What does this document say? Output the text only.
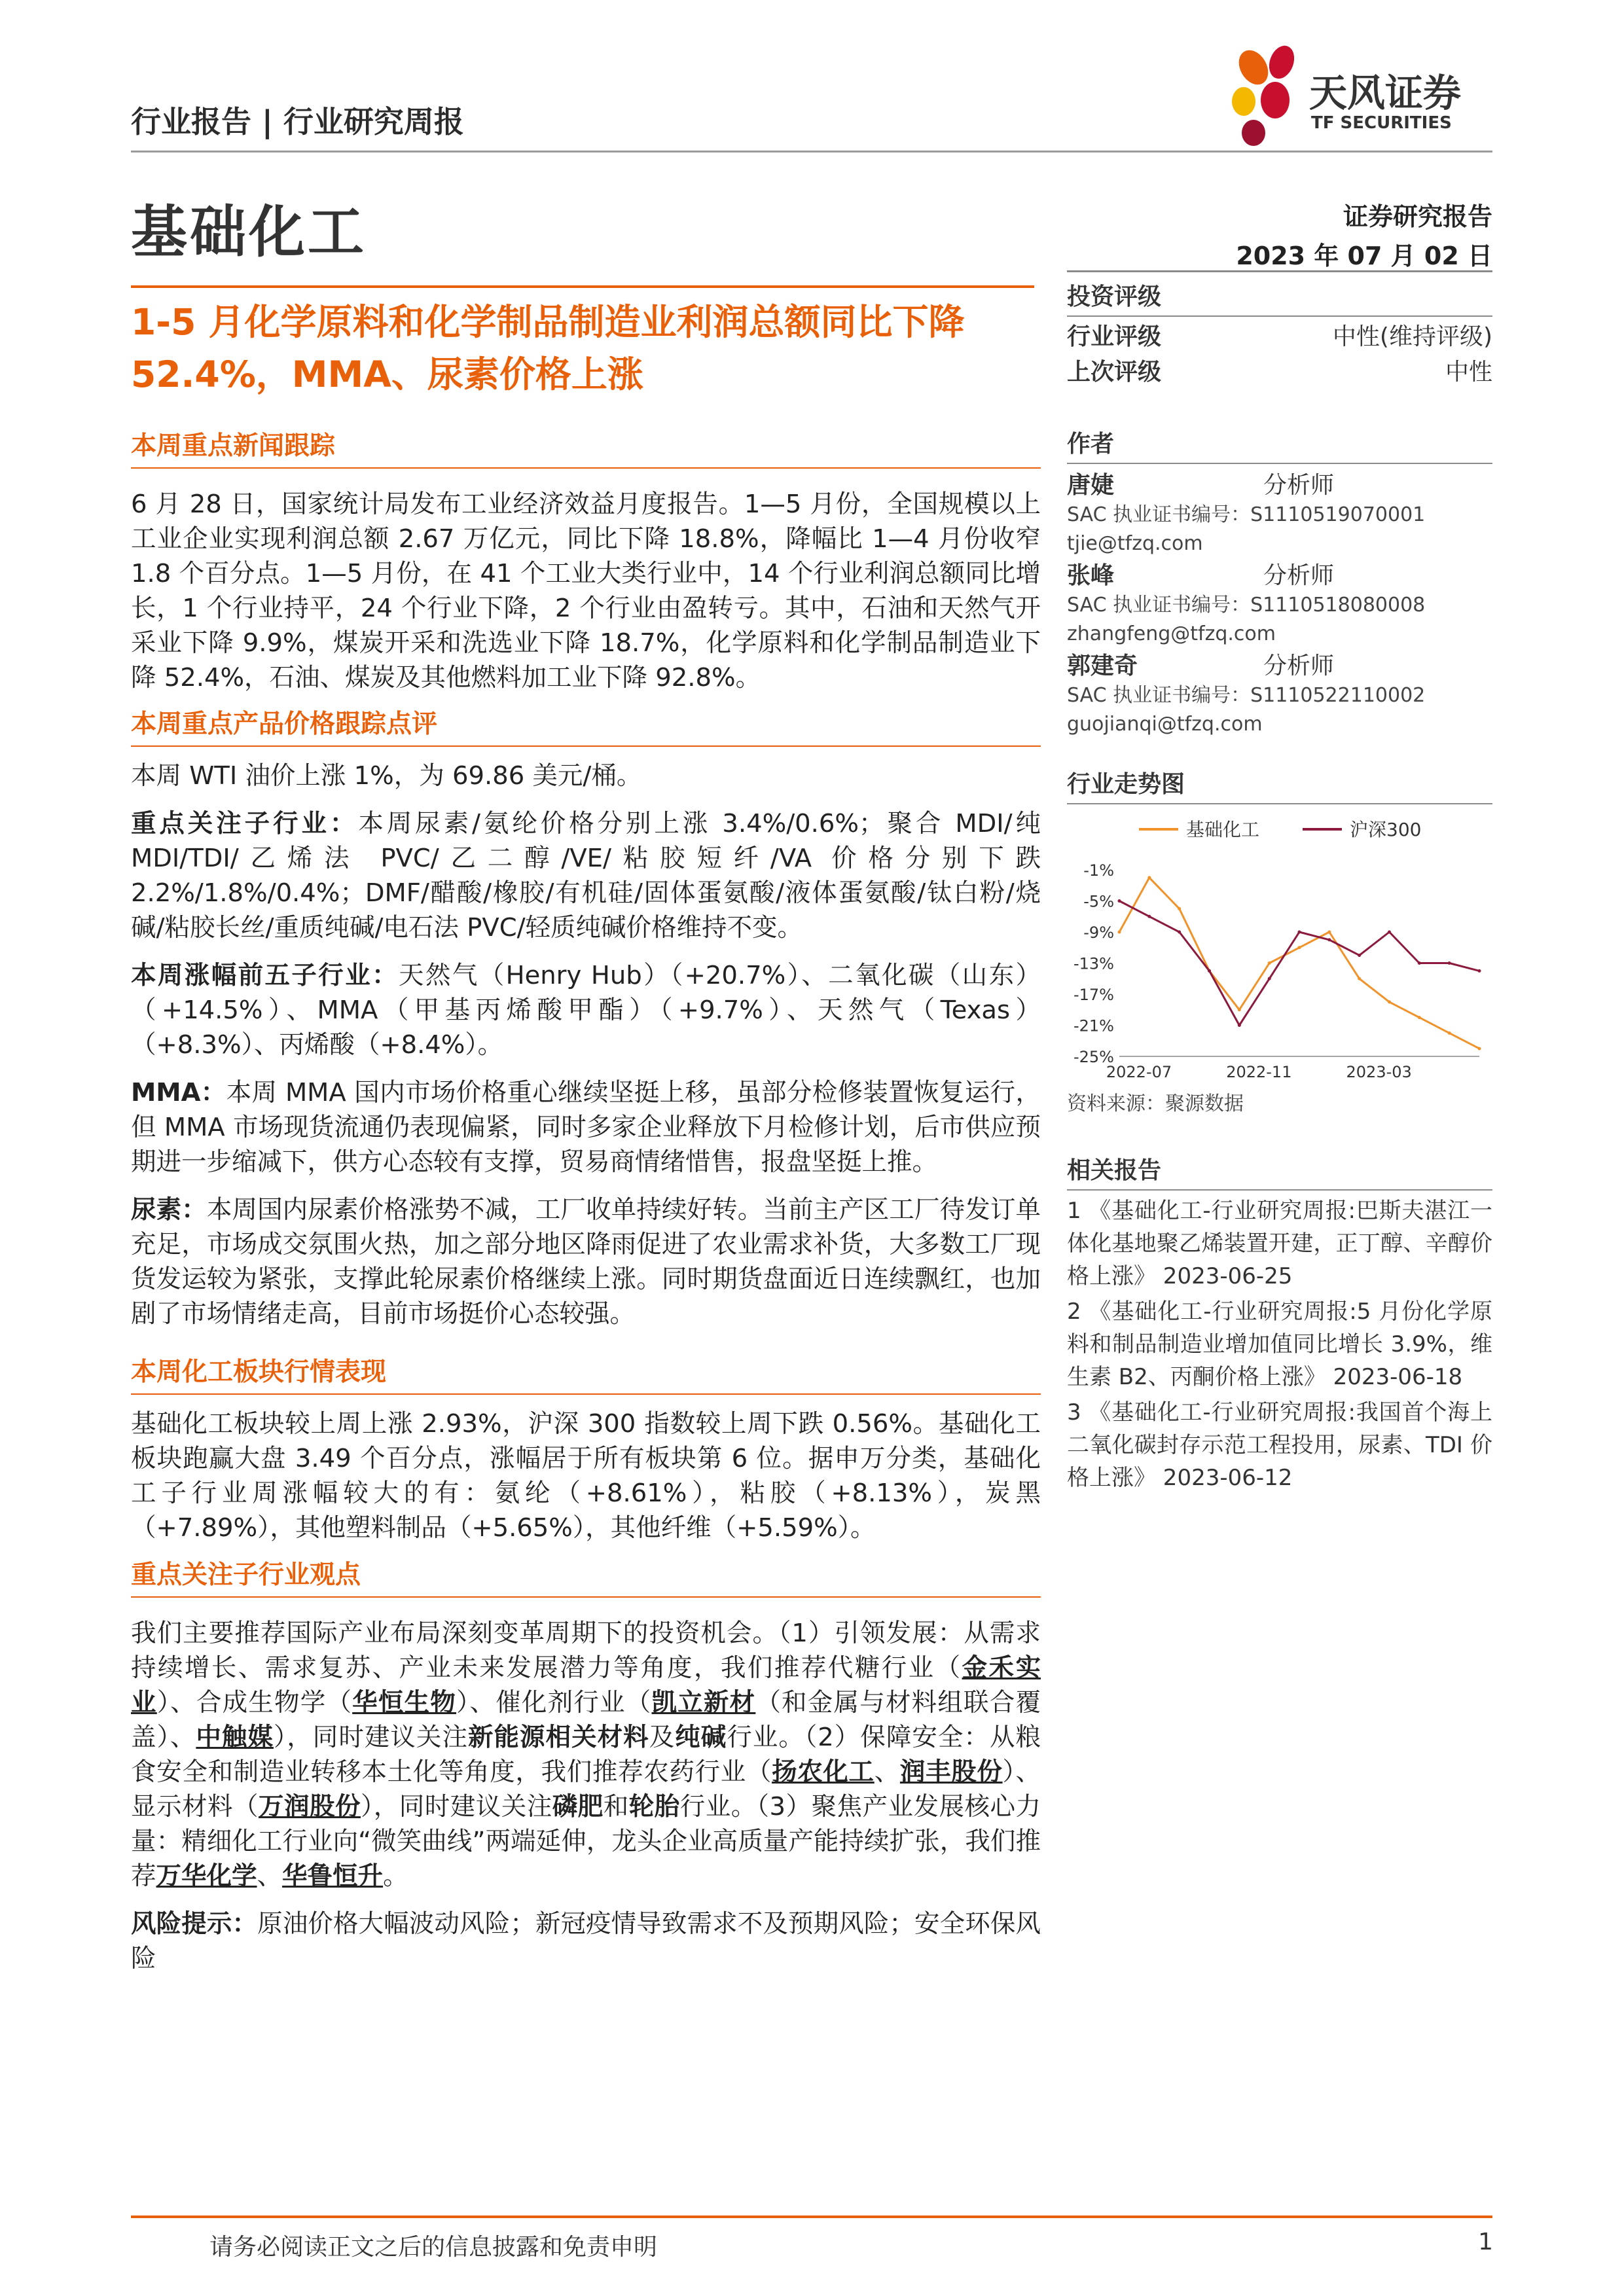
行业报告 | 行业研究周报
天风证券
TF SECURITIES
基础化工	证券研究报告
2023 年 07 月 02 日
1-5 月化学原料和化学制品制造业利润总额同比下降 52.4%，MMA、尿素价格上涨
本周重点新闻跟踪
6 月 28 日，国家统计局发布工业经济效益月度报告。1—5 月份，全国规模以上工业企业实现利润总额 2.67 万亿元，同比下降 18.8%，降幅比 1—4 月份收窄 1.8 个百分点。1—5 月份，在 41 个工业大类行业中，14 个行业利润总额同比增长，1 个行业持平，24 个行业下降，2 个行业由盈转亏。其中，石油和天然气开采业下降 9.9%，煤炭开采和洗选业下降 18.7%，化学原料和化学制品制造业下降 52.4%，石油、煤炭及其他燃料加工业下降 92.8%。
本周重点产品价格跟踪点评
本周 WTI 油价上涨 1%，为 69.86 美元/桶。
重点关注子行业：本周尿素/氨纶价格分别上涨 3.4%/0.6%；聚合 MDI/纯 MDI/TDI/乙烯法 PVC/乙二醇/VE/粘胶短纤/VA 价格分别下跌 2.2%/1.8%/0.4%；DMF/醋酸/橡胶/有机硅/固体蛋氨酸/液体蛋氨酸/钛白粉/烧碱/粘胶长丝/重质纯碱/电石法 PVC/轻质纯碱价格维持不变。
本周涨幅前五子行业：天然气（Henry Hub）（+20.7%）、二氧化碳（山东）（+14.5%）、MMA（甲基丙烯酸甲酯）（+9.7%）、天然气（Texas）（+8.3%）、丙烯酸（+8.4%）。
MMA：本周 MMA 国内市场价格重心继续坚挺上移，虽部分检修装置恢复运行，但 MMA 市场现货流通仍表现偏紧，同时多家企业释放下月检修计划，后市供应预期进一步缩减下，供方心态较有支撑，贸易商情绪惜售，报盘坚挺上推。
尿素：本周国内尿素价格涨势不减，工厂收单持续好转。当前主产区工厂待发订单充足，市场成交氛围火热，加之部分地区降雨促进了农业需求补货，大多数工厂现货发运较为紧张，支撑此轮尿素价格继续上涨。同时期货盘面近日连续飘红，也加剧了市场情绪走高，目前市场挺价心态较强。
本周化工板块行情表现
基础化工板块较上周上涨 2.93%，沪深 300 指数较上周下跌 0.56%。基础化工板块跑赢大盘 3.49 个百分点，涨幅居于所有板块第 6 位。据申万分类，基础化工子行业周涨幅较大的有：氨纶（+8.61%），粘胶（+8.13%），炭黑（+7.89%），其他塑料制品（+5.65%），其他纤维（+5.59%）。
重点关注子行业观点
我们主要推荐国际产业布局深刻变革周期下的投资机会。（1）引领发展：从需求持续增长、需求复苏、产业未来发展潜力等角度，我们推荐代糖行业（金禾实业）、合成生物学（华恒生物）、催化剂行业（凯立新材（和金属与材料组联合覆盖）、中触媒），同时建议关注新能源相关材料及纯碱行业。（2）保障安全：从粮食安全和制造业转移本土化等角度，我们推荐农药行业（扬农化工、润丰股份）、显示材料（万润股份），同时建议关注磷肥和轮胎行业。（3）聚焦产业发展核心力量：精细化工行业向“微笑曲线”两端延伸，龙头企业高质量产能持续扩张，我们推荐万华化学、华鲁恒升。
风险提示：原油价格大幅波动风险；新冠疫情导致需求不及预期风险；安全环保风险
投资评级
行业评级	中性(维持评级)
上次评级	中性
作者
唐婕	分析师
SAC 执业证书编号：S1110519070001
tjie@tfzq.com
张峰	分析师
SAC 执业证书编号：S1110518080008
zhangfeng@tfzq.com
郭建奇	分析师
SAC 执业证书编号：S1110522110002
guojianqi@tfzq.com
行业走势图
基础化工	沪深300
-1%
-5%
-9%
-13%
-17%
-21%
-25%
2022-07	2022-11	2023-03
资料来源：聚源数据
相关报告
1 《基础化工-行业研究周报:巴斯夫湛江一体化基地聚乙烯装置开建，正丁醇、辛醇价格上涨》 2023-06-25
2 《基础化工-行业研究周报:5 月份化学原料和制品制造业增加值同比增长 3.9%，维生素 B2、丙酮价格上涨》 2023-06-18
3 《基础化工-行业研究周报:我国首个海上二氧化碳封存示范工程投用，尿素、TDI 价格上涨》 2023-06-12
请务必阅读正文之后的信息披露和免责申明	1
